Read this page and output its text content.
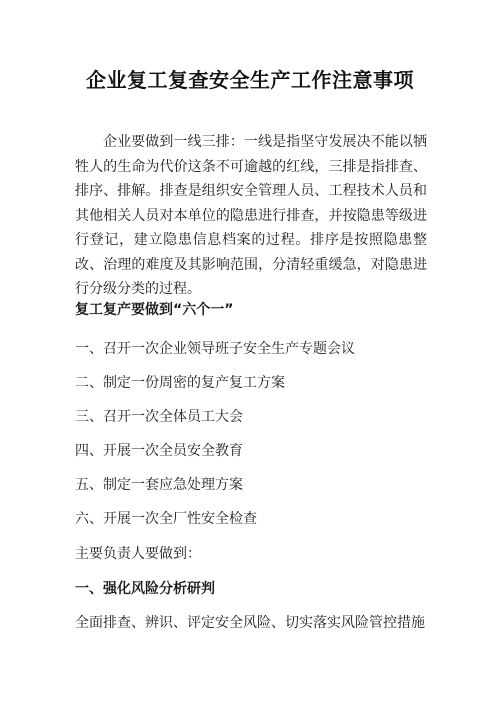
企业复工复查安全生产工作注意事项

企业要做到一线三排：一线是指坚守发展决不能以牺牲人的生命为代价这条不可逾越的红线，三排是指排查、排序、排解。排查是组织安全管理人员、工程技术人员和其他相关人员对本单位的隐患进行排查，并按隐患等级进行登记，建立隐患信息档案的过程。排序是按照隐患整改、治理的难度及其影响范围，分清轻重缓急，对隐患进行分级分类的过程。

复工复产要做到“六个一”

一、召开一次企业领导班子安全生产专题会议

二、制定一份周密的复产复工方案

三、召开一次全体员工大会

四、开展一次全员安全教育

五、制定一套应急处理方案

六、开展一次全厂性安全检查

主要负责人要做到：

一、强化风险分析研判

全面排查、辨识、评定安全风险、切实落实风险管控措施
